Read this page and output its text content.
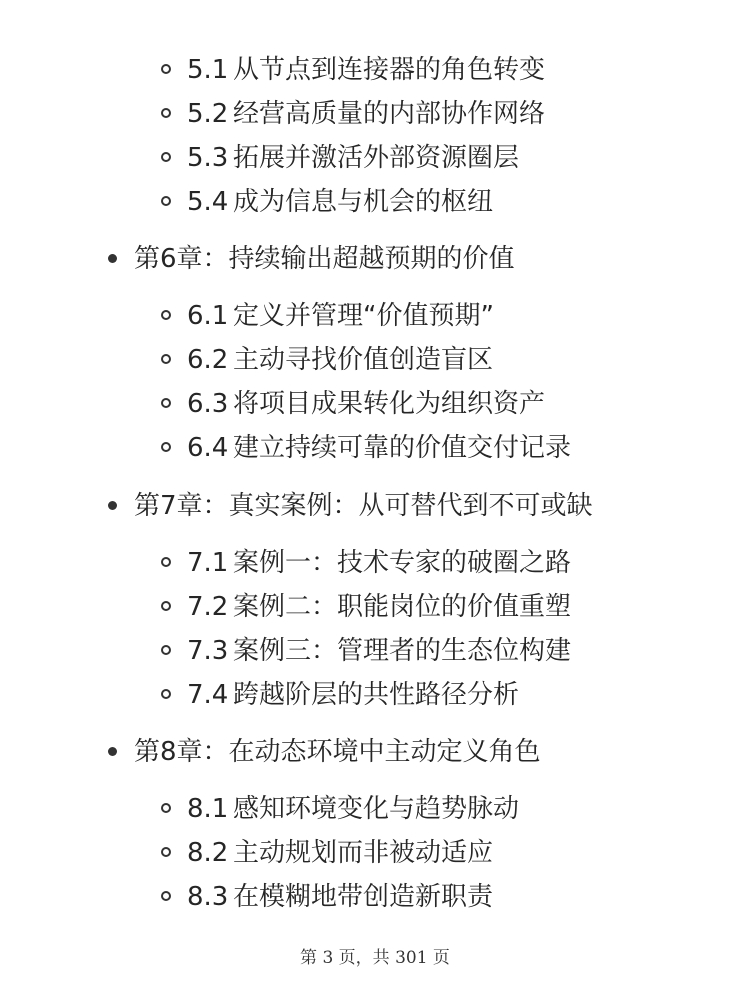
5.1 从节点到连接器的角色转变
5.2 经营高质量的内部协作网络
5.3 拓展并激活外部资源圈层
5.4 成为信息与机会的枢纽
第6章：持续输出超越预期的价值
6.1 定义并管理“价值预期”
6.2 主动寻找价值创造盲区
6.3 将项目成果转化为组织资产
6.4 建立持续可靠的价值交付记录
第7章：真实案例：从可替代到不可或缺
7.1 案例一：技术专家的破圈之路
7.2 案例二：职能岗位的价值重塑
7.3 案例三：管理者的生态位构建
7.4 跨越阶层的共性路径分析
第8章：在动态环境中主动定义角色
8.1 感知环境变化与趋势脉动
8.2 主动规划而非被动适应
8.3 在模糊地带创造新职责
第 3 页，共 301 页
